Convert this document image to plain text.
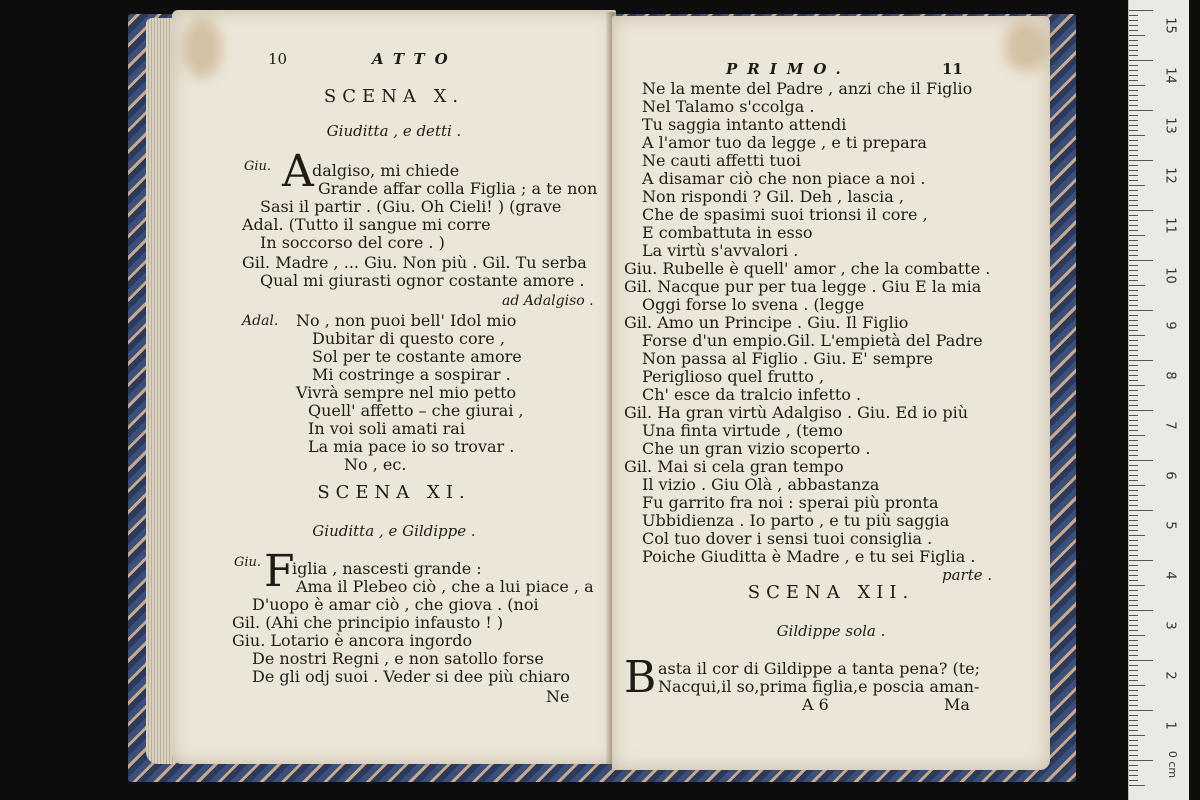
10	ATTO
SCENA X.
Giuditta , e detti .
Giu. A
dalgiso, mi chiede
Grande affar colla Figlia ; a te non
Sasi il partir . (Giu. Oh Cieli! ) (grave
Adal. (Tutto il sangue mi corre
In soccorso del core . )
Gil. Madre , ... Giu. Non più . Gil. Tu serba
Qual mi giurasti ognor costante amore .
ad Adalgiso .
Adal. No , non puoi bell' Idol mio
Dubitar di questo core ,
Sol per te costante amore
Mi costringe a sospirar .
Vivrà sempre nel mio petto
Quell' affetto – che giurai ,
In voi soli amati rai
La mia pace io so trovar .
No , ec.
SCENA XI.
Giuditta , e Gildippe .
Giu. F
iglia , nascesti grande :
Ama il Plebeo ciò , che a lui piace , a
D'uopo è amar ciò , che giova . (noi
Gil. (Ahi che principio infausto ! )
Giu. Lotario è ancora ingordo
De nostri Regni , e non satollo forse
De gli odj suoi . Veder si dee più chiaro
Ne
PRIMO.	11
Ne la mente del Padre , anzi che il Figlio
Nel Talamo s'ccolga .
Tu saggia intanto attendi
A l'amor tuo da legge , e ti prepara
Ne cauti affetti tuoi
A disamar ciò che non piace a noi .
Non rispondi ? Gil. Deh , lascia ,
Che de spasimi suoi trionsi il core ,
E combattuta in esso
La virtù s'avvalori .
Giu. Rubelle è quell' amor , che la combatte .
Gil. Nacque pur per tua legge . Giu E la mia
Oggi forse lo svena . (legge
Gil. Amo un Principe . Giu. Il Figlio
Forse d'un empio.Gil. L'empietà del Padre
Non passa al Figlio . Giu. E' sempre
Periglioso quel frutto ,
Ch' esce da tralcio infetto .
Gil. Ha gran virtù Adalgiso . Giu. Ed io più
Una finta virtude , (temo
Che un gran vizio scoperto .
Gil. Mai si cela gran tempo
Il vizio . Giu Olà , abbastanza
Fu garrito fra noi : sperai più pronta
Ubbidienza . Io parto , e tu più saggia
Col tuo dover i sensi tuoi consiglia .
Poiche Giuditta è Madre , e tu sei Figlia .
parte .
SCENA XII.
Gildippe sola .
B asta il cor di Gildippe a tanta pena? (te;
Nacqui,il so,prima figlia,e poscia aman-
A 6	Ma
15
14
13
12
11
10
9
8
7
6
5
4
3
2
1
0 cm
